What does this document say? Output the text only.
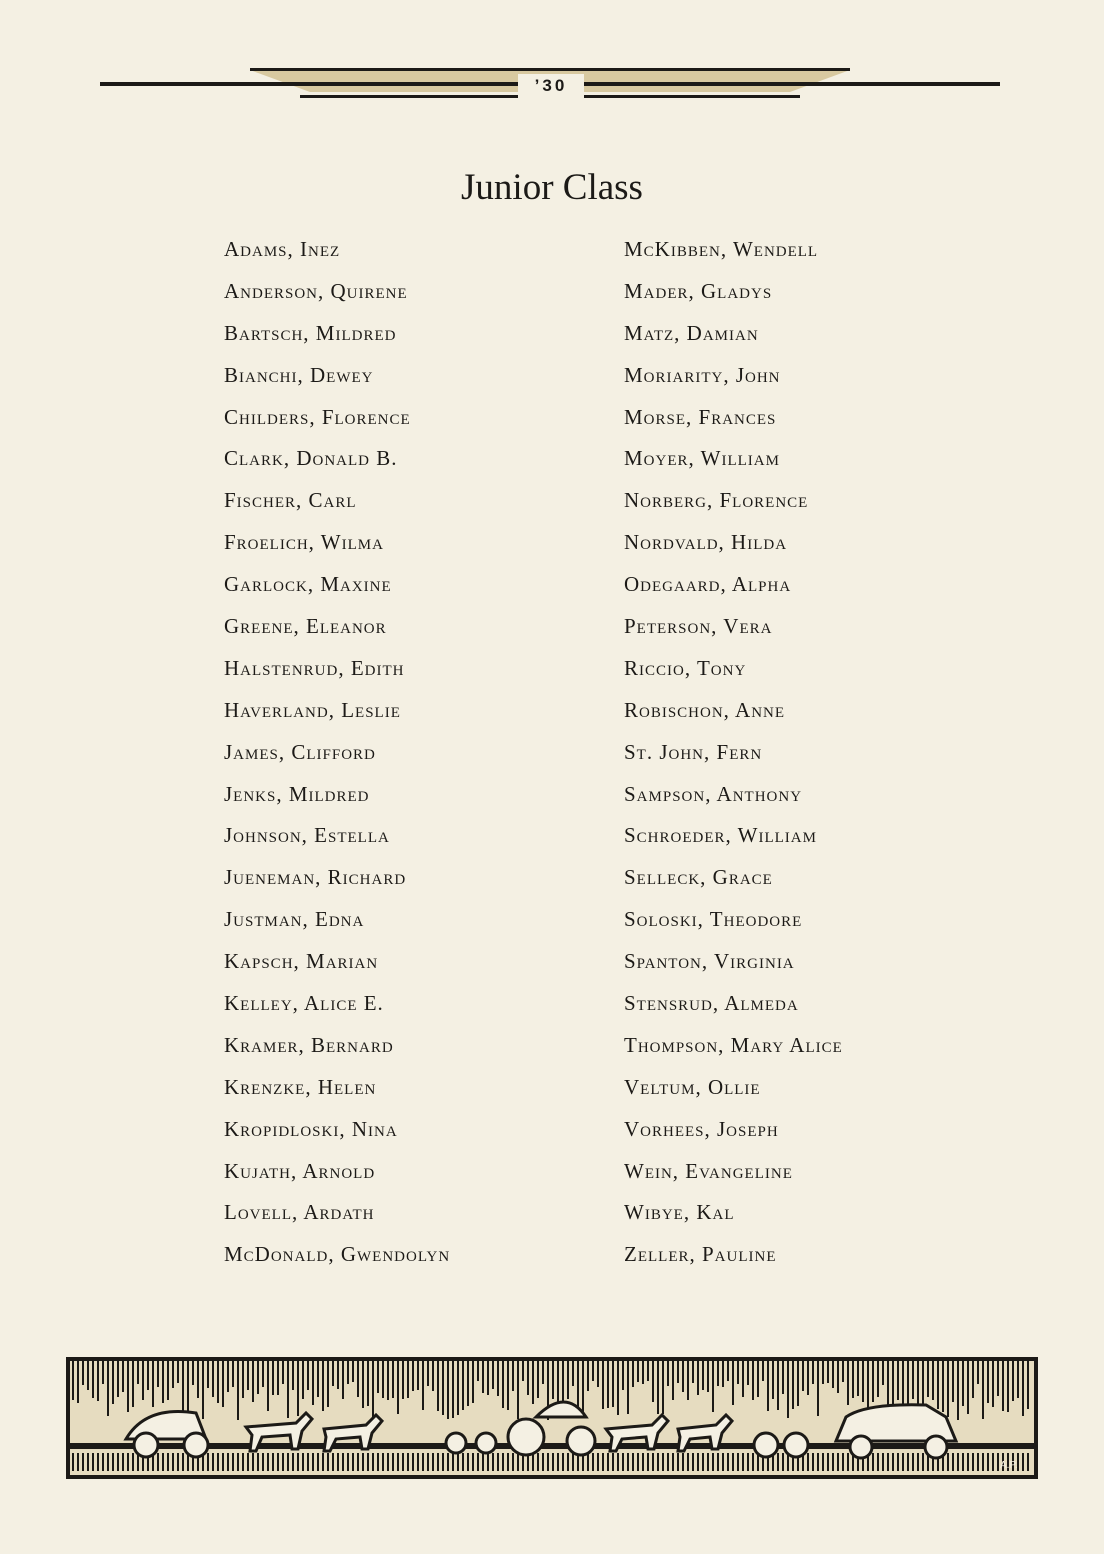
’30
Junior Class
Adams, Inez
Anderson, Quirene
Bartsch, Mildred
Bianchi, Dewey
Childers, Florence
Clark, Donald B.
Fischer, Carl
Froelich, Wilma
Garlock, Maxine
Greene, Eleanor
Halstenrud, Edith
Haverland, Leslie
James, Clifford
Jenks, Mildred
Johnson, Estella
Jueneman, Richard
Justman, Edna
Kapsch, Marian
Kelley, Alice E.
Kramer, Bernard
Krenzke, Helen
Kropidloski, Nina
Kujath, Arnold
Lovell, Ardath
McDonald, Gwendolyn
McKibben, Wendell
Mader, Gladys
Matz, Damian
Moriarity, John
Morse, Frances
Moyer, William
Norberg, Florence
Nordvald, Hilda
Odegaard, Alpha
Peterson, Vera
Riccio, Tony
Robischon, Anne
St. John, Fern
Sampson, Anthony
Schroeder, William
Selleck, Grace
Soloski, Theodore
Spanton, Virginia
Stensrud, Almeda
Thompson, Mary Alice
Veltum, Ollie
Vorhees, Joseph
Wein, Evangeline
Wibye, Kal
Zeller, Pauline
A.P.
